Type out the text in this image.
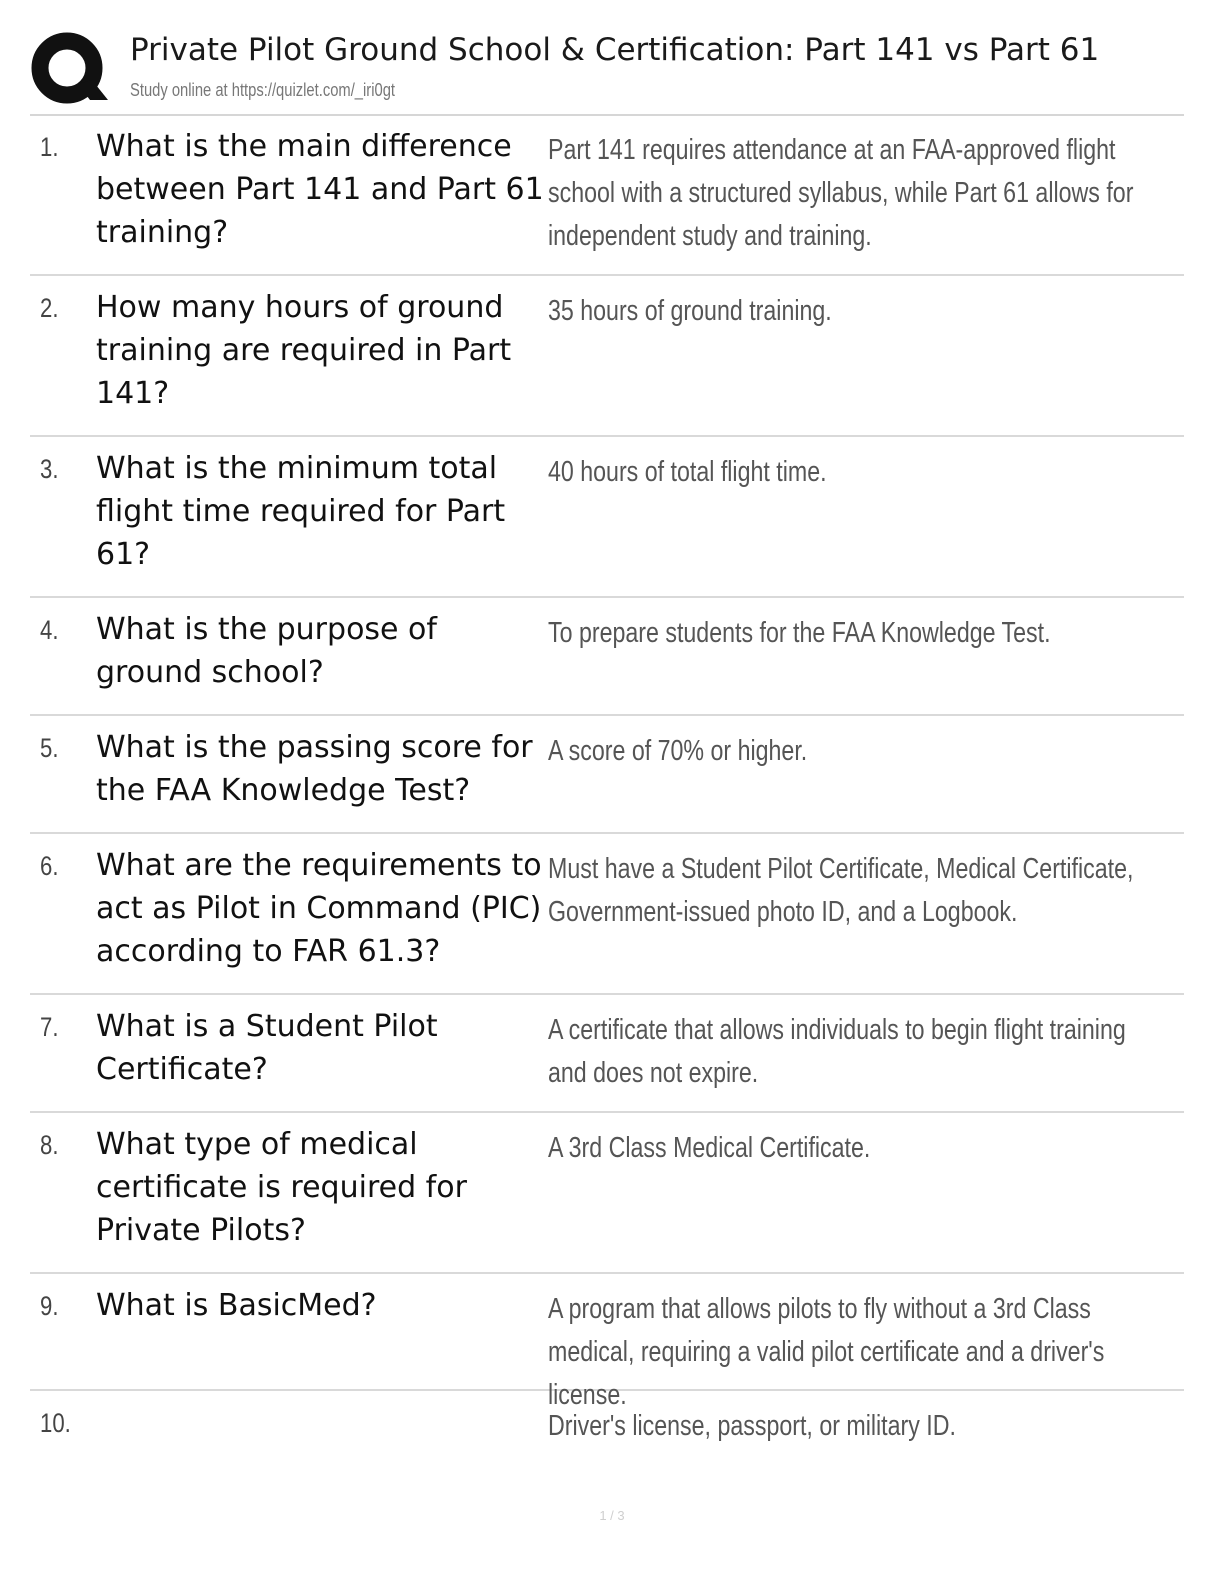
Private Pilot Ground School & Certification: Part 141 vs Part 61
Study online at https://quizlet.com/_iri0gt
1. What is the main difference between Part 141 and Part 61 training?
Part 141 requires attendance at an FAA-approved flight school with a structured syllabus, while Part 61 allows for independent study and training.
2. How many hours of ground training are required in Part 141?
35 hours of ground training.
3. What is the minimum total flight time required for Part 61?
40 hours of total flight time.
4. What is the purpose of ground school?
To prepare students for the FAA Knowledge Test.
5. What is the passing score for the FAA Knowledge Test?
A score of 70% or higher.
6. What are the requirements to act as Pilot in Command (PIC) according to FAR 61.3?
Must have a Student Pilot Certificate, Medical Certificate, Government-issued photo ID, and a Logbook.
7. What is a Student Pilot Certificate?
A certificate that allows individuals to begin flight training and does not expire.
8. What type of medical certificate is required for Private Pilots?
A 3rd Class Medical Certificate.
9. What is BasicMed?	A program that allows pilots to fly without a 3rd Class medical, requiring a valid pilot certificate and a driver's license.
10.	Driver's license, passport, or military ID.
1 / 3
